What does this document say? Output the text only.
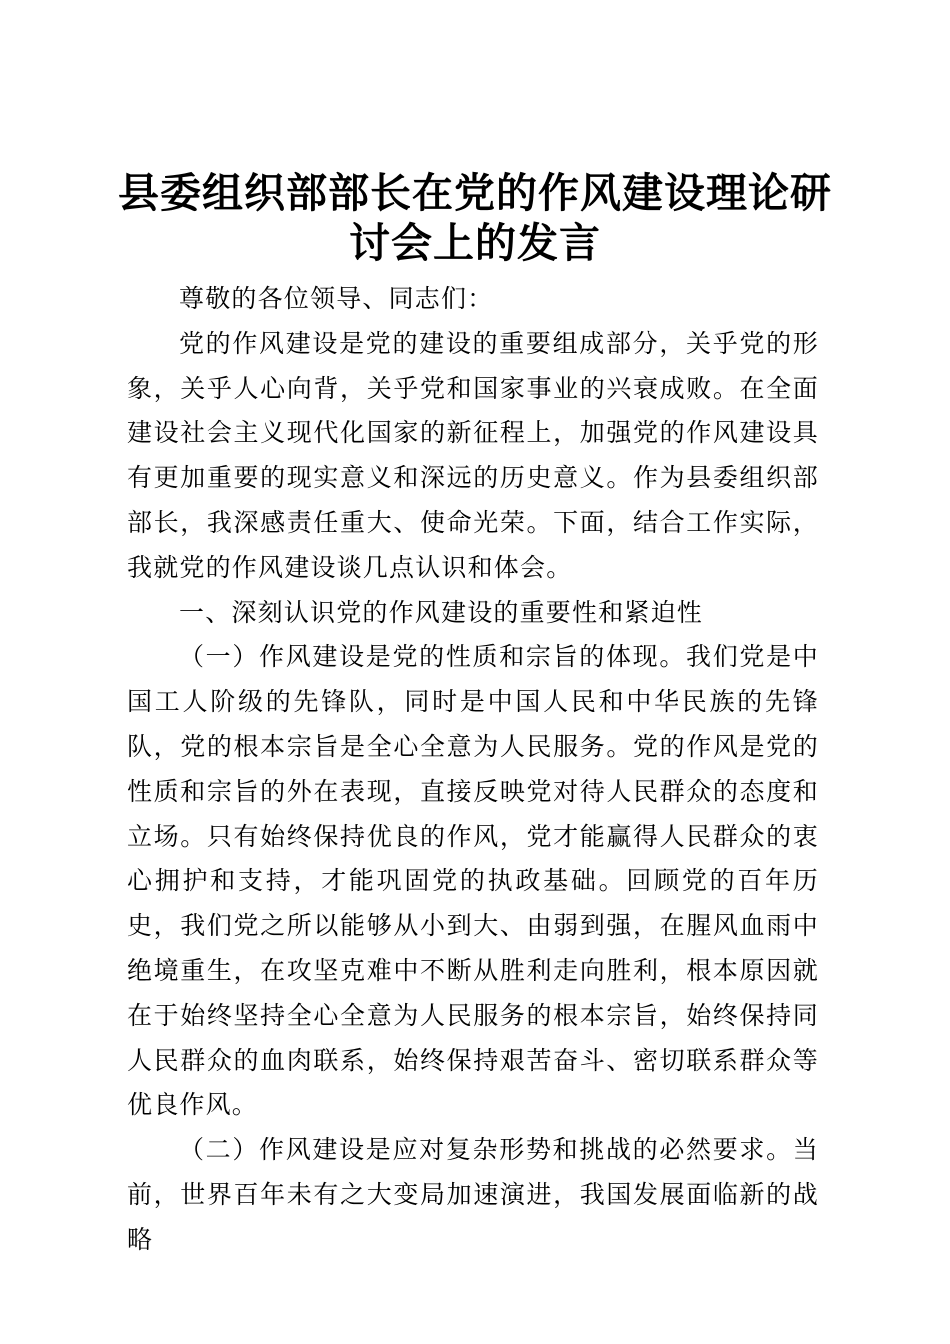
县委组织部部长在党的作风建设理论研讨会上的发言

尊敬的各位领导、同志们：

党的作风建设是党的建设的重要组成部分，关乎党的形象，关乎人心向背，关乎党和国家事业的兴衰成败。在全面建设社会主义现代化国家的新征程上，加强党的作风建设具有更加重要的现实意义和深远的历史意义。作为县委组织部部长，我深感责任重大、使命光荣。下面，结合工作实际，我就党的作风建设谈几点认识和体会。

一、深刻认识党的作风建设的重要性和紧迫性

（一）作风建设是党的性质和宗旨的体现。我们党是中国工人阶级的先锋队，同时是中国人民和中华民族的先锋队，党的根本宗旨是全心全意为人民服务。党的作风是党的性质和宗旨的外在表现，直接反映党对待人民群众的态度和立场。只有始终保持优良的作风，党才能赢得人民群众的衷心拥护和支持，才能巩固党的执政基础。回顾党的百年历史，我们党之所以能够从小到大、由弱到强，在腥风血雨中绝境重生，在攻坚克难中不断从胜利走向胜利，根本原因就在于始终坚持全心全意为人民服务的根本宗旨，始终保持同人民群众的血肉联系，始终保持艰苦奋斗、密切联系群众等优良作风。

（二）作风建设是应对复杂形势和挑战的必然要求。当前，世界百年未有之大变局加速演进，我国发展面临新的战略
